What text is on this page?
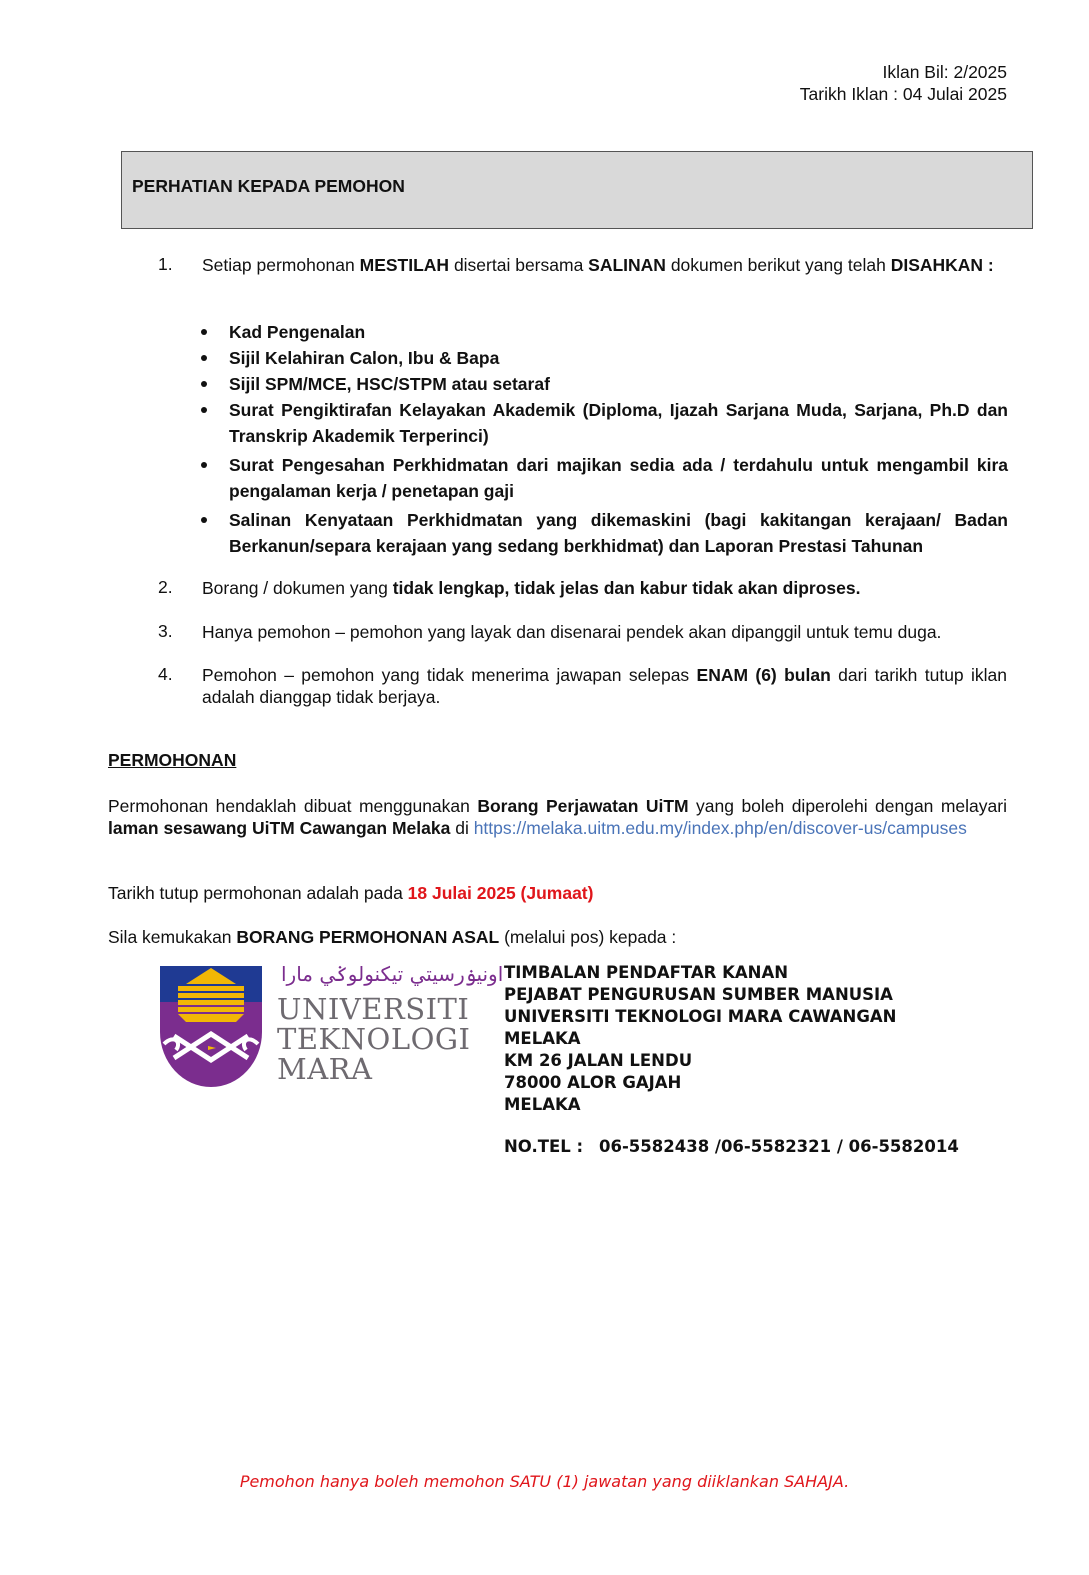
Iklan Bil: 2/2025
Tarikh Iklan : 04 Julai 2025
PERHATIAN KEPADA PEMOHON
1.	Setiap permohonan MESTILAH disertai bersama SALINAN dokumen berikut yang telah DISAHKAN :
Kad Pengenalan
Sijil Kelahiran Calon, Ibu & Bapa
Sijil SPM/MCE, HSC/STPM atau setaraf
Surat Pengiktirafan Kelayakan Akademik (Diploma, Ijazah Sarjana Muda, Sarjana, Ph.D dan Transkrip Akademik Terperinci)
Surat Pengesahan Perkhidmatan dari majikan sedia ada / terdahulu untuk mengambil kira pengalaman kerja / penetapan gaji
Salinan Kenyataan Perkhidmatan yang dikemaskini (bagi kakitangan kerajaan/ Badan Berkanun/separa kerajaan yang sedang berkhidmat) dan Laporan Prestasi Tahunan
2.	Borang / dokumen yang tidak lengkap, tidak jelas dan kabur tidak akan diproses.
3.	Hanya pemohon – pemohon yang layak dan disenarai pendek akan dipanggil untuk temu duga.
4.	Pemohon – pemohon yang tidak menerima jawapan selepas ENAM (6) bulan dari tarikh tutup iklan adalah dianggap tidak berjaya.
PERMOHONAN
Permohonan hendaklah dibuat menggunakan Borang Perjawatan UiTM yang boleh diperolehi dengan melayari laman sesawang UiTM Cawangan Melaka di https://melaka.uitm.edu.my/index.php/en/discover-us/campuses
Tarikh tutup permohonan adalah pada 18 Julai 2025 (Jumaat)
Sila kemukakan BORANG PERMOHONAN ASAL (melalui pos) kepada :
اونيۏرسيتي تيکنولوݢي مارا
UNIVERSITI
TEKNOLOGI
MARA
TIMBALAN PENDAFTAR KANAN
PEJABAT PENGURUSAN SUMBER MANUSIA
UNIVERSITI TEKNOLOGI MARA CAWANGAN
MELAKA
KM 26 JALAN LENDU
78000 ALOR GAJAH
MELAKA
NO.TEL : 06-5582438 /06-5582321 / 06-5582014
Pemohon hanya boleh memohon SATU (1) jawatan yang diiklankan SAHAJA.
